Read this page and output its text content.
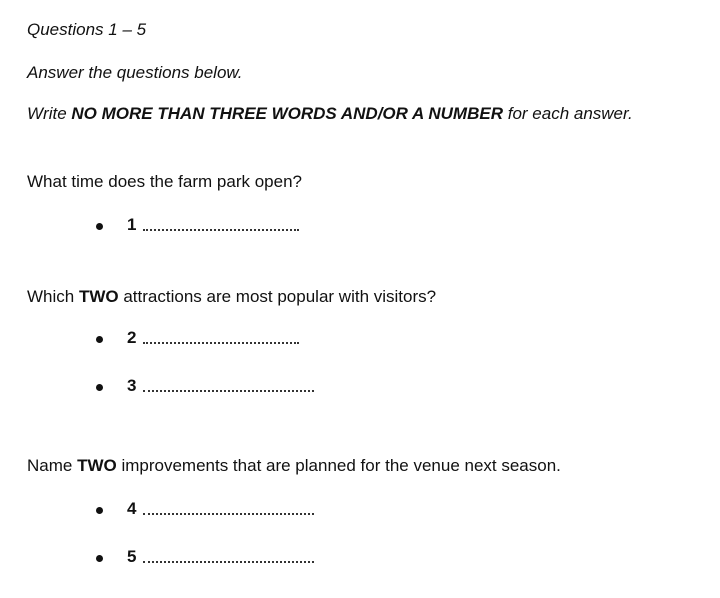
Questions 1 – 5
Answer the questions below.
Write NO MORE THAN THREE WORDS AND/OR A NUMBER for each answer.
What time does the farm park open?
1
Which TWO attractions are most popular with visitors?
2
3
Name TWO improvements that are planned for the venue next season.
4
5
